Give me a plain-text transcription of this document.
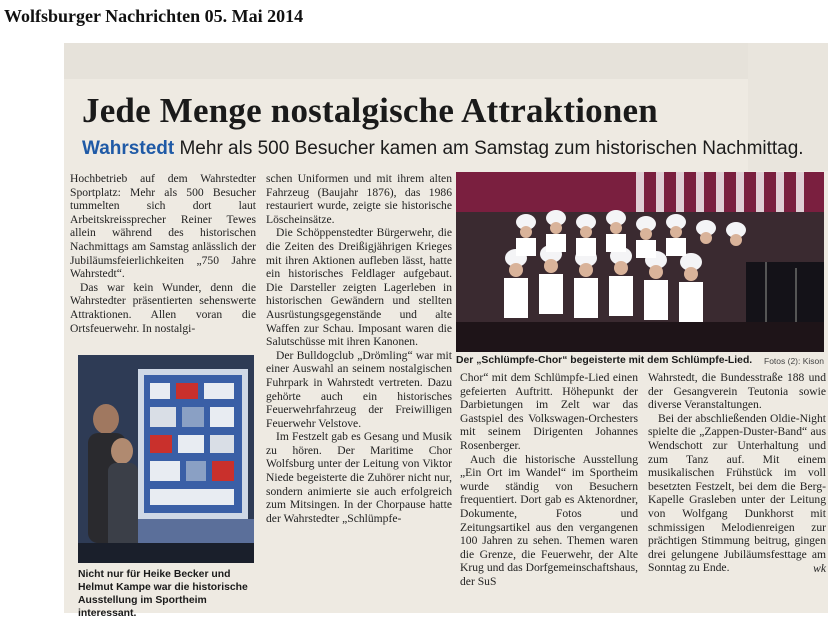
Wolfsburger Nachrichten 05. Mai 2014
Jede Menge nostalgische Attraktionen
Wahrstedt Mehr als 500 Besucher kamen am Samstag zum historischen Nachmittag.

Hochbetrieb auf dem Wahrstedter Sportplatz: Mehr als 500 Besucher tummelten sich dort laut Arbeitskreissprecher Reiner Tewes allein während des historischen Nachmittags am Samstag anlässlich der Jubiläumsfeierlichkeiten „750 Jahre Wahrstedt“.

Das war kein Wunder, denn die Wahrstedter präsentierten sehenswerte Attraktionen. Allen voran die Ortsfeuerwehr. In nostalgi-

Nicht nur für Heike Becker und Helmut Kampe war die historische Ausstellung im Sportheim interessant.

schen Uniformen und mit ihrem alten Fahrzeug (Baujahr 1876), das 1986 restauriert wurde, zeigte sie historische Löscheinsätze.

Die Schöppenstedter Bürgerwehr, die die Zeiten des Dreißigjährigen Krieges mit ihren Aktionen aufleben lässt, hatte ein historisches Feldlager aufgebaut. Die Darsteller zeigten Lagerleben in historischen Gewändern und stellten Ausrüstungsgegenstände und alte Waffen zur Schau. Imposant waren die Salutschüsse mit ihren Kanonen.

Der Bulldogclub „Drömling“ war mit einer Auswahl an seinem nostalgischen Fuhrpark in Wahrstedt vertreten. Dazu gehörte auch ein historisches Feuerwehrfahrzeug der Freiwilligen Feuerwehr Velstove.

Im Festzelt gab es Gesang und Musik zu hören. Der Maritime Chor Wolfsburg unter der Leitung von Viktor Niede begeisterte die Zuhörer nicht nur, sondern animierte sie auch erfolgreich zum Mitsingen. In der Chorpause hatte der Wahrstedter „Schlümpfe-

Der „Schlümpfe-Chor“ begeisterte mit dem Schlümpfe-Lied. Fotos (2): Kison

Chor“ mit dem Schlümpfe-Lied einen gefeierten Auftritt. Höhepunkt der Darbietungen im Zelt war das Gastspiel des Volkswagen-Orchesters mit seinem Dirigenten Johannes Rosenberger.

Auch die historische Ausstellung „Ein Ort im Wandel“ im Sportheim wurde ständig von Besuchern frequentiert. Dort gab es Aktenordner, Dokumente, Fotos und Zeitungsartikel aus den vergangenen 100 Jahren zu sehen. Themen waren die Grenze, die Feuerwehr, der Alte Krug und das Dorfgemeinschaftshaus, der SuS

Wahrstedt, die Bundesstraße 188 und der Gesangverein Teutonia sowie diverse Veranstaltungen.

Bei der abschließenden Oldie-Night spielte die „Zappen-Duster-Band“ aus Wendschott zur Unterhaltung und zum Tanz auf. Mit einem musikalischen Frühstück im voll besetzten Festzelt, bei dem die Berg-Kapelle Grasleben unter der Leitung von Wolfgang Dunkhorst mit schmissigen Melodienreigen zur prächtigen Stimmung beitrug, gingen drei gelungene Jubiläumsfesttage am Sonntag zu Ende.	wk
